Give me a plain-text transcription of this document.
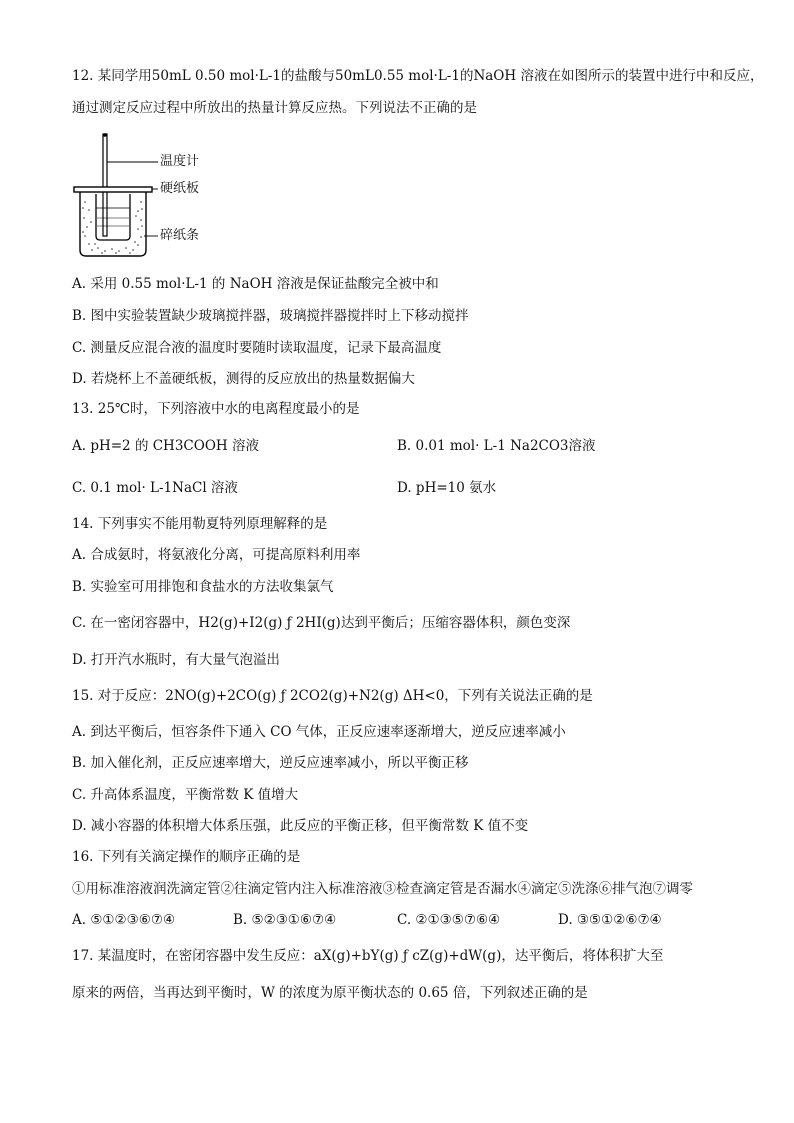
12. 某同学用50mL 0.50 mol·L-1的盐酸与50mL0.55 mol·L-1的NaOH 溶液在如图所示的装置中进行中和反应，
通过测定反应过程中所放出的热量计算反应热。下列说法不正确的是
温度计
硬纸板
碎纸条
A. 采用 0.55 mol·L-1 的 NaOH 溶液是保证盐酸完全被中和
B. 图中实验装置缺少玻璃搅拌器，玻璃搅拌器搅拌时上下移动搅拌
C. 测量反应混合液的温度时要随时读取温度，记录下最高温度
D. 若烧杯上不盖硬纸板，测得的反应放出的热量数据偏大
13. 25℃时，下列溶液中水的电离程度最小的是
A. pH=2 的 CH3COOH 溶液	B. 0.01 mol· L-1 Na2CO3溶液
C. 0.1 mol· L-1NaCl 溶液	D. pH=10 氨水
14. 下列事实不能用勒夏特列原理解释的是
A. 合成氨时，将氨液化分离，可提高原料利用率
B. 实验室可用排饱和食盐水的方法收集氯气
C. 在一密闭容器中，H2(g)+I2(g) ƒ 2HI(g)达到平衡后；压缩容器体积，颜色变深
D. 打开汽水瓶时，有大量气泡溢出
15. 对于反应：2NO(g)+2CO(g) ƒ 2CO2(g)+N2(g) ΔH<0，下列有关说法正确的是
A. 到达平衡后，恒容条件下通入 CO 气体，正反应速率逐渐增大，逆反应速率减小
B. 加入催化剂，正反应速率增大，逆反应速率减小，所以平衡正移
C. 升高体系温度，平衡常数 K 值增大
D. 减小容器的体积增大体系压强，此反应的平衡正移，但平衡常数 K 值不变
16. 下列有关滴定操作的顺序正确的是
①用标准溶液润洗滴定管②往滴定管内注入标准溶液③检查滴定管是否漏水④滴定⑤洗涤⑥排气泡⑦调零
A. ⑤①②③⑥⑦④	B. ⑤②③①⑥⑦④	C. ②①③⑤⑦⑥④	D. ③⑤①②⑥⑦④
17. 某温度时，在密闭容器中发生反应：aX(g)+bY(g) ƒ cZ(g)+dW(g)，达平衡后，将体积扩大至
原来的两倍，当再达到平衡时，W 的浓度为原平衡状态的 0.65 倍，下列叙述正确的是
